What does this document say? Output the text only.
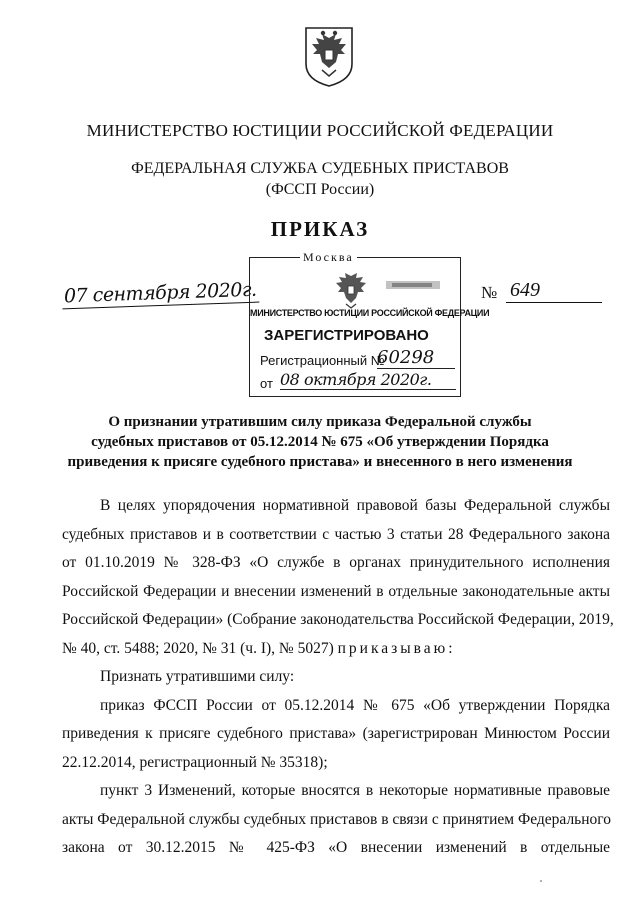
МИНИСТЕРСТВО ЮСТИЦИИ РОССИЙСКОЙ ФЕДЕРАЦИИ
ФЕДЕРАЛЬНАЯ СЛУЖБА СУДЕБНЫХ ПРИСТАВОВ
(ФССП России)
ПРИКАЗ
07 сентября 2020г.	№ 649
Москва
МИНИСТЕРСТВО ЮСТИЦИИ РОССИЙСКОЙ ФЕДЕРАЦИИ
ЗАРЕГИСТРИРОВАНО
Регистрационный №
60298
08 октября 2020г.
от
О признании утратившим силу приказа Федеральной службы
судебных приставов от 05.12.2014 № 675 «Об утверждении Порядка
приведения к присяге судебного пристава» и внесенного в него изменения
В целях упорядочения нормативной правовой базы Федеральной службы
судебных приставов и в соответствии с частью 3 статьи 28 Федерального закона
от 01.10.2019 № 328-ФЗ «О службе в органах принудительного исполнения
Российской Федерации и внесении изменений в отдельные законодательные акты
Российской Федерации» (Собрание законодательства Российской Федерации, 2019,
№ 40, ст. 5488; 2020, № 31 (ч. I), № 5027) приказываю:
Признать утратившими силу:
приказ ФССП России от 05.12.2014 № 675 «Об утверждении Порядка
приведения к присяге судебного пристава» (зарегистрирован Минюстом России
22.12.2014, регистрационный № 35318);
пункт 3 Изменений, которые вносятся в некоторые нормативные правовые
акты Федеральной службы судебных приставов в связи с принятием Федерального
закона от 30.12.2015 № 425-ФЗ «О внесении изменений в отдельные
